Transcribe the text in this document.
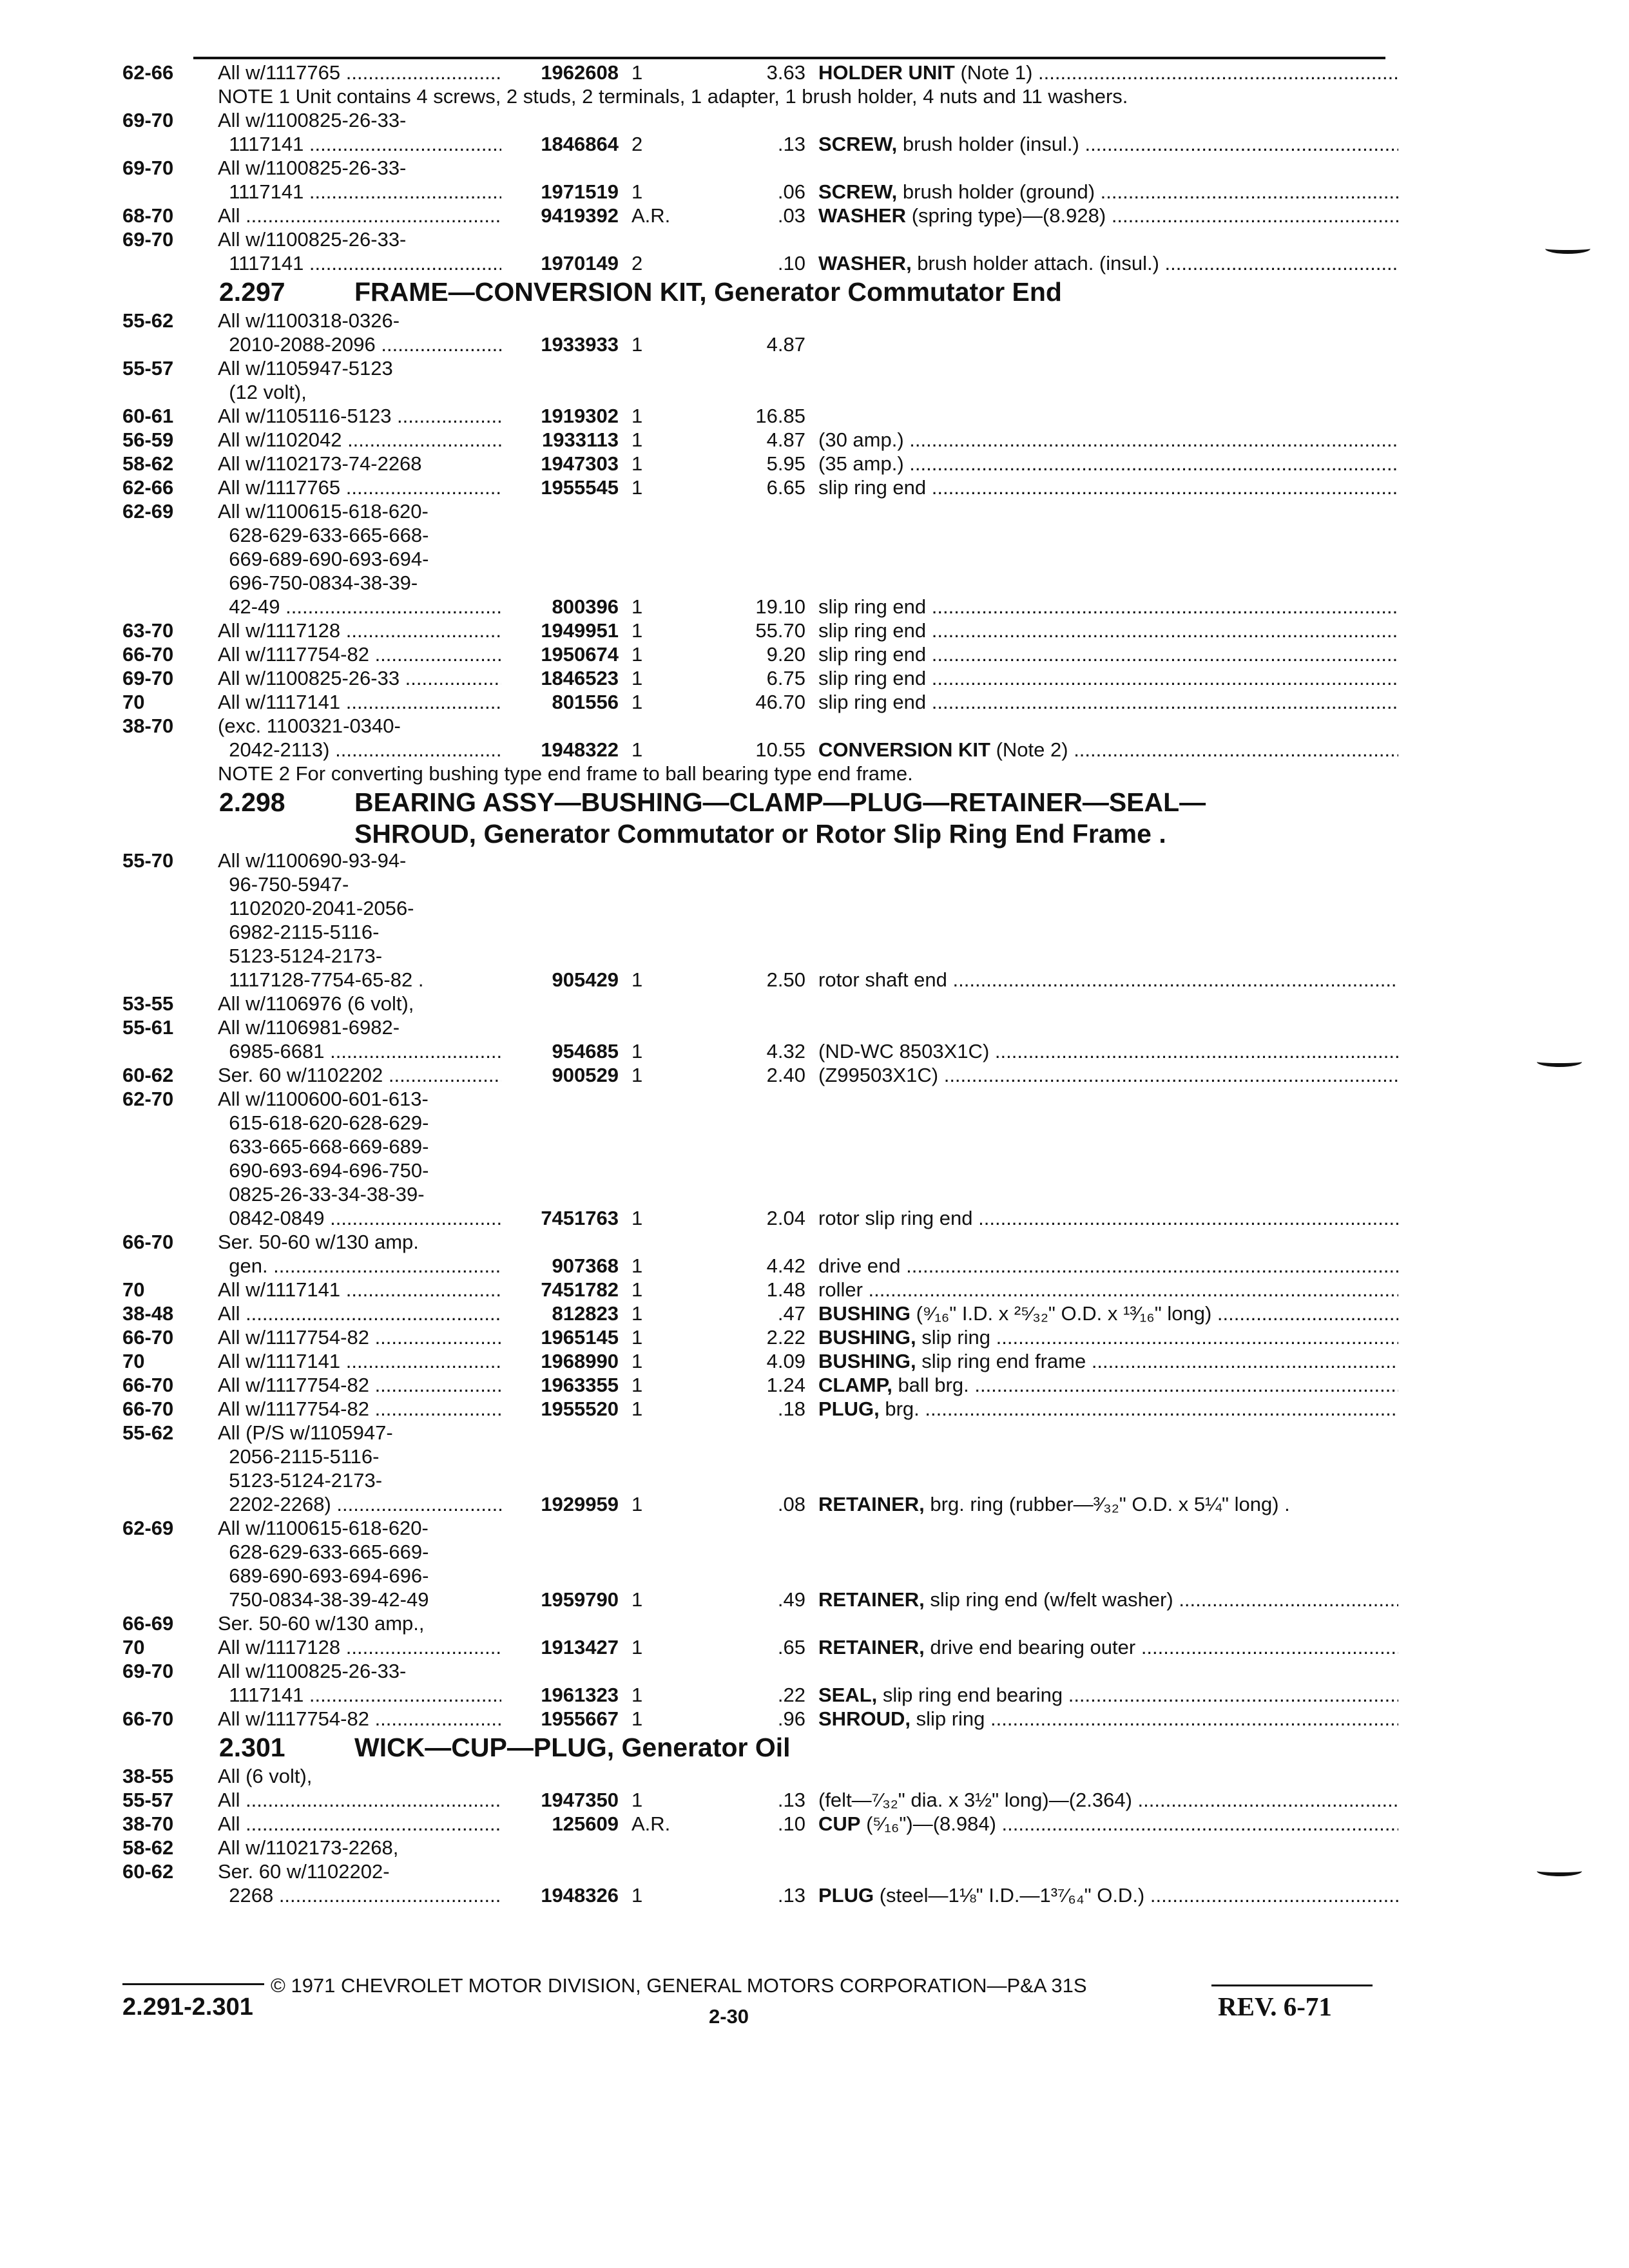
62-66	All w/1117765 .....	1962608 1	3.63 HOLDER UNIT (Note 1) .....
NOTE 1 Unit contains 4 screws, 2 studs, 2 terminals, 1 adapter, 1 brush holder, 4 nuts and 11 washers.
69-70	All w/1100825-26-33-
1117141 .....	1846864 2	.13 SCREW, brush holder (insul.) .....
69-70	All w/1100825-26-33-
1117141 .....	1971519 1	.06 SCREW, brush holder (ground) .....
68-70	All .....	9419392 A.R.	.03 WASHER (spring type)—(8.928) .....
69-70	All w/1100825-26-33-
1117141 .....	1970149 2	.10 WASHER, brush holder attach. (insul.) .....
2.297	FRAME—CONVERSION KIT, Generator Commutator End
55-62	All w/1100318-0326-
2010-2088-2096 .....	1933933 1	4.87
55-57	All w/1105947-5123
(12 volt),
60-61	All w/1105116-5123 .....	1919302 1	16.85
56-59	All w/1102042 .....	1933113 1	4.87 (30 amp.) .....
58-62	All w/1102173-74-2268	1947303 1	5.95 (35 amp.) .....
62-66	All w/1117765 .....	1955545 1	6.65 slip ring end .....
62-69	All w/1100615-618-620-
628-629-633-665-668-
669-689-690-693-694-
696-750-0834-38-39-
42-49 .....	800396 1	19.10 slip ring end .....
63-70	All w/1117128 .....	1949951 1	55.70 slip ring end .....
66-70	All w/1117754-82 .....	1950674 1	9.20 slip ring end .....
69-70	All w/1100825-26-33 .....	1846523 1	6.75 slip ring end .....
70	All w/1117141 .....	801556 1	46.70 slip ring end .....
38-70	(exc. 1100321-0340-
2042-2113) .....	1948322 1	10.55 CONVERSION KIT (Note 2) .....
NOTE 2 For converting bushing type end frame to ball bearing type end frame.
2.298	BEARING ASSY—BUSHING—CLAMP—PLUG—RETAINER—SEAL—
SHROUD, Generator Commutator or Rotor Slip Ring End Frame .
55-70	All w/1100690-93-94-
96-750-5947-
1102020-2041-2056-
6982-2115-5116-
5123-5124-2173-
1117128-7754-65-82 .	905429 1	2.50 rotor shaft end .....
53-55	All w/1106976 (6 volt),
55-61	All w/1106981-6982-
6985-6681 .....	954685 1	4.32 (ND-WC 8503X1C) .....
60-62	Ser. 60 w/1102202 .....	900529 1	2.40 (Z99503X1C) .....
62-70	All w/1100600-601-613-
615-618-620-628-629-
633-665-668-669-689-
690-693-694-696-750-
0825-26-33-34-38-39-
0842-0849 .....	7451763 1	2.04 rotor slip ring end .....
66-70	Ser. 50-60 w/130 amp.
gen. .....	907368 1	4.42 drive end .....
70	All w/1117141 .....	7451782 1	1.48 roller .....
38-48	All .....	812823 1	.47 BUSHING (⁹⁄₁₆" I.D. x ²⁵⁄₃₂" O.D. x ¹³⁄₁₆" long) .....
66-70	All w/1117754-82 .....	1965145 1	2.22 BUSHING, slip ring .....
70	All w/1117141 .....	1968990 1	4.09 BUSHING, slip ring end frame .....
66-70	All w/1117754-82 .....	1963355 1	1.24 CLAMP, ball brg. .....
66-70	All w/1117754-82 .....	1955520 1	.18 PLUG, brg. .....
55-62	All (P/S w/1105947-
2056-2115-5116-
5123-5124-2173-
2202-2268) .....	1929959 1	.08 RETAINER, brg. ring (rubber—³⁄₃₂" O.D. x 5¼" long) .
62-69	All w/1100615-618-620-
628-629-633-665-669-
689-690-693-694-696-
750-0834-38-39-42-49	1959790 1	.49 RETAINER, slip ring end (w/felt washer) .....
66-69	Ser. 50-60 w/130 amp.,
70	All w/1117128 .....	1913427 1	.65 RETAINER, drive end bearing outer .....
69-70	All w/1100825-26-33-
1117141 .....	1961323 1	.22 SEAL, slip ring end bearing .....
66-70	All w/1117754-82 .....	1955667 1	.96 SHROUD, slip ring .....
2.301	WICK—CUP—PLUG, Generator Oil
38-55	All (6 volt),
55-57	All .....	1947350 1	.13 (felt—⁷⁄₃₂" dia. x 3½" long)—(2.364) .....
38-70	All .....	125609 A.R.	.10 CUP (⁵⁄₁₆")—(8.984) .....
58-62	All w/1102173-2268,
60-62	Ser. 60 w/1102202-
2268 .....	1948326 1	.13 PLUG (steel—1⅛" I.D.—1³⁷⁄₆₄" O.D.) .....
© 1971 CHEVROLET MOTOR DIVISION, GENERAL MOTORS CORPORATION—P&A 31S
2.291-2.301	2-30	REV. 6-71
